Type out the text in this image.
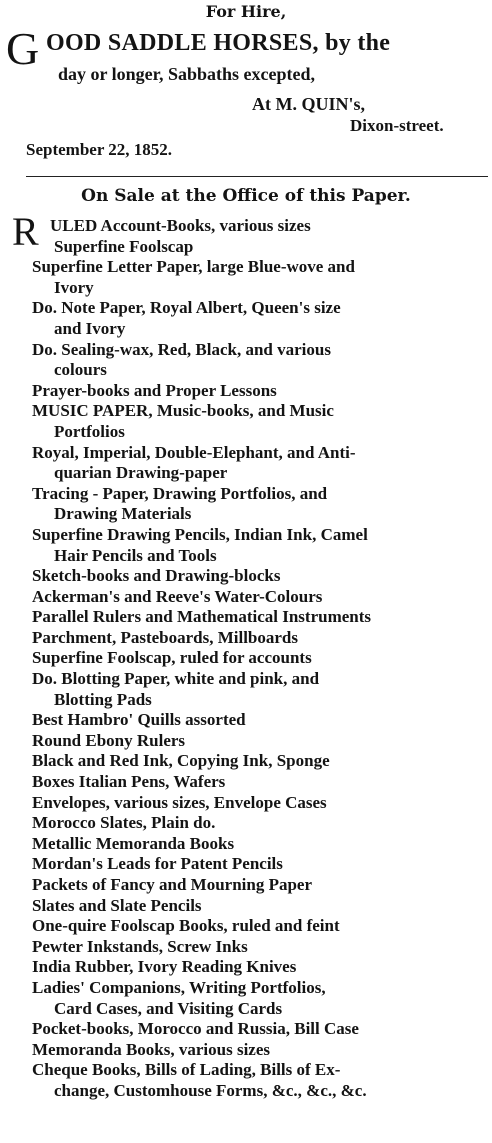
For Hire,
G OOD SADDLE HORSES, by the
day or longer, Sabbaths excepted,
At M. QUIN's,
Dixon-street.
September 22, 1852.
On Sale at the Office of this Paper.
R ULED Account-Books, various sizes
Superfine Foolscap
Superfine Letter Paper, large Blue-wove and
Ivory
Do. Note Paper, Royal Albert, Queen's size
and Ivory
Do. Sealing-wax, Red, Black, and various
colours
Prayer-books and Proper Lessons
MUSIC PAPER, Music-books, and Music
Portfolios
Royal, Imperial, Double-Elephant, and Anti-
quarian Drawing-paper
Tracing - Paper, Drawing Portfolios, and
Drawing Materials
Superfine Drawing Pencils, Indian Ink, Camel
Hair Pencils and Tools
Sketch-books and Drawing-blocks
Ackerman's and Reeve's Water-Colours
Parallel Rulers and Mathematical Instruments
Parchment, Pasteboards, Millboards
Superfine Foolscap, ruled for accounts
Do. Blotting Paper, white and pink, and
Blotting Pads
Best Hambro' Quills assorted
Round Ebony Rulers
Black and Red Ink, Copying Ink, Sponge
Boxes Italian Pens, Wafers
Envelopes, various sizes, Envelope Cases
Morocco Slates, Plain do.
Metallic Memoranda Books
Mordan's Leads for Patent Pencils
Packets of Fancy and Mourning Paper
Slates and Slate Pencils
One-quire Foolscap Books, ruled and feint
Pewter Inkstands, Screw Inks
India Rubber, Ivory Reading Knives
Ladies' Companions, Writing Portfolios,
Card Cases, and Visiting Cards
Pocket-books, Morocco and Russia, Bill Case
Memoranda Books, various sizes
Cheque Books, Bills of Lading, Bills of Ex-
change, Customhouse Forms, &c., &c., &c.
